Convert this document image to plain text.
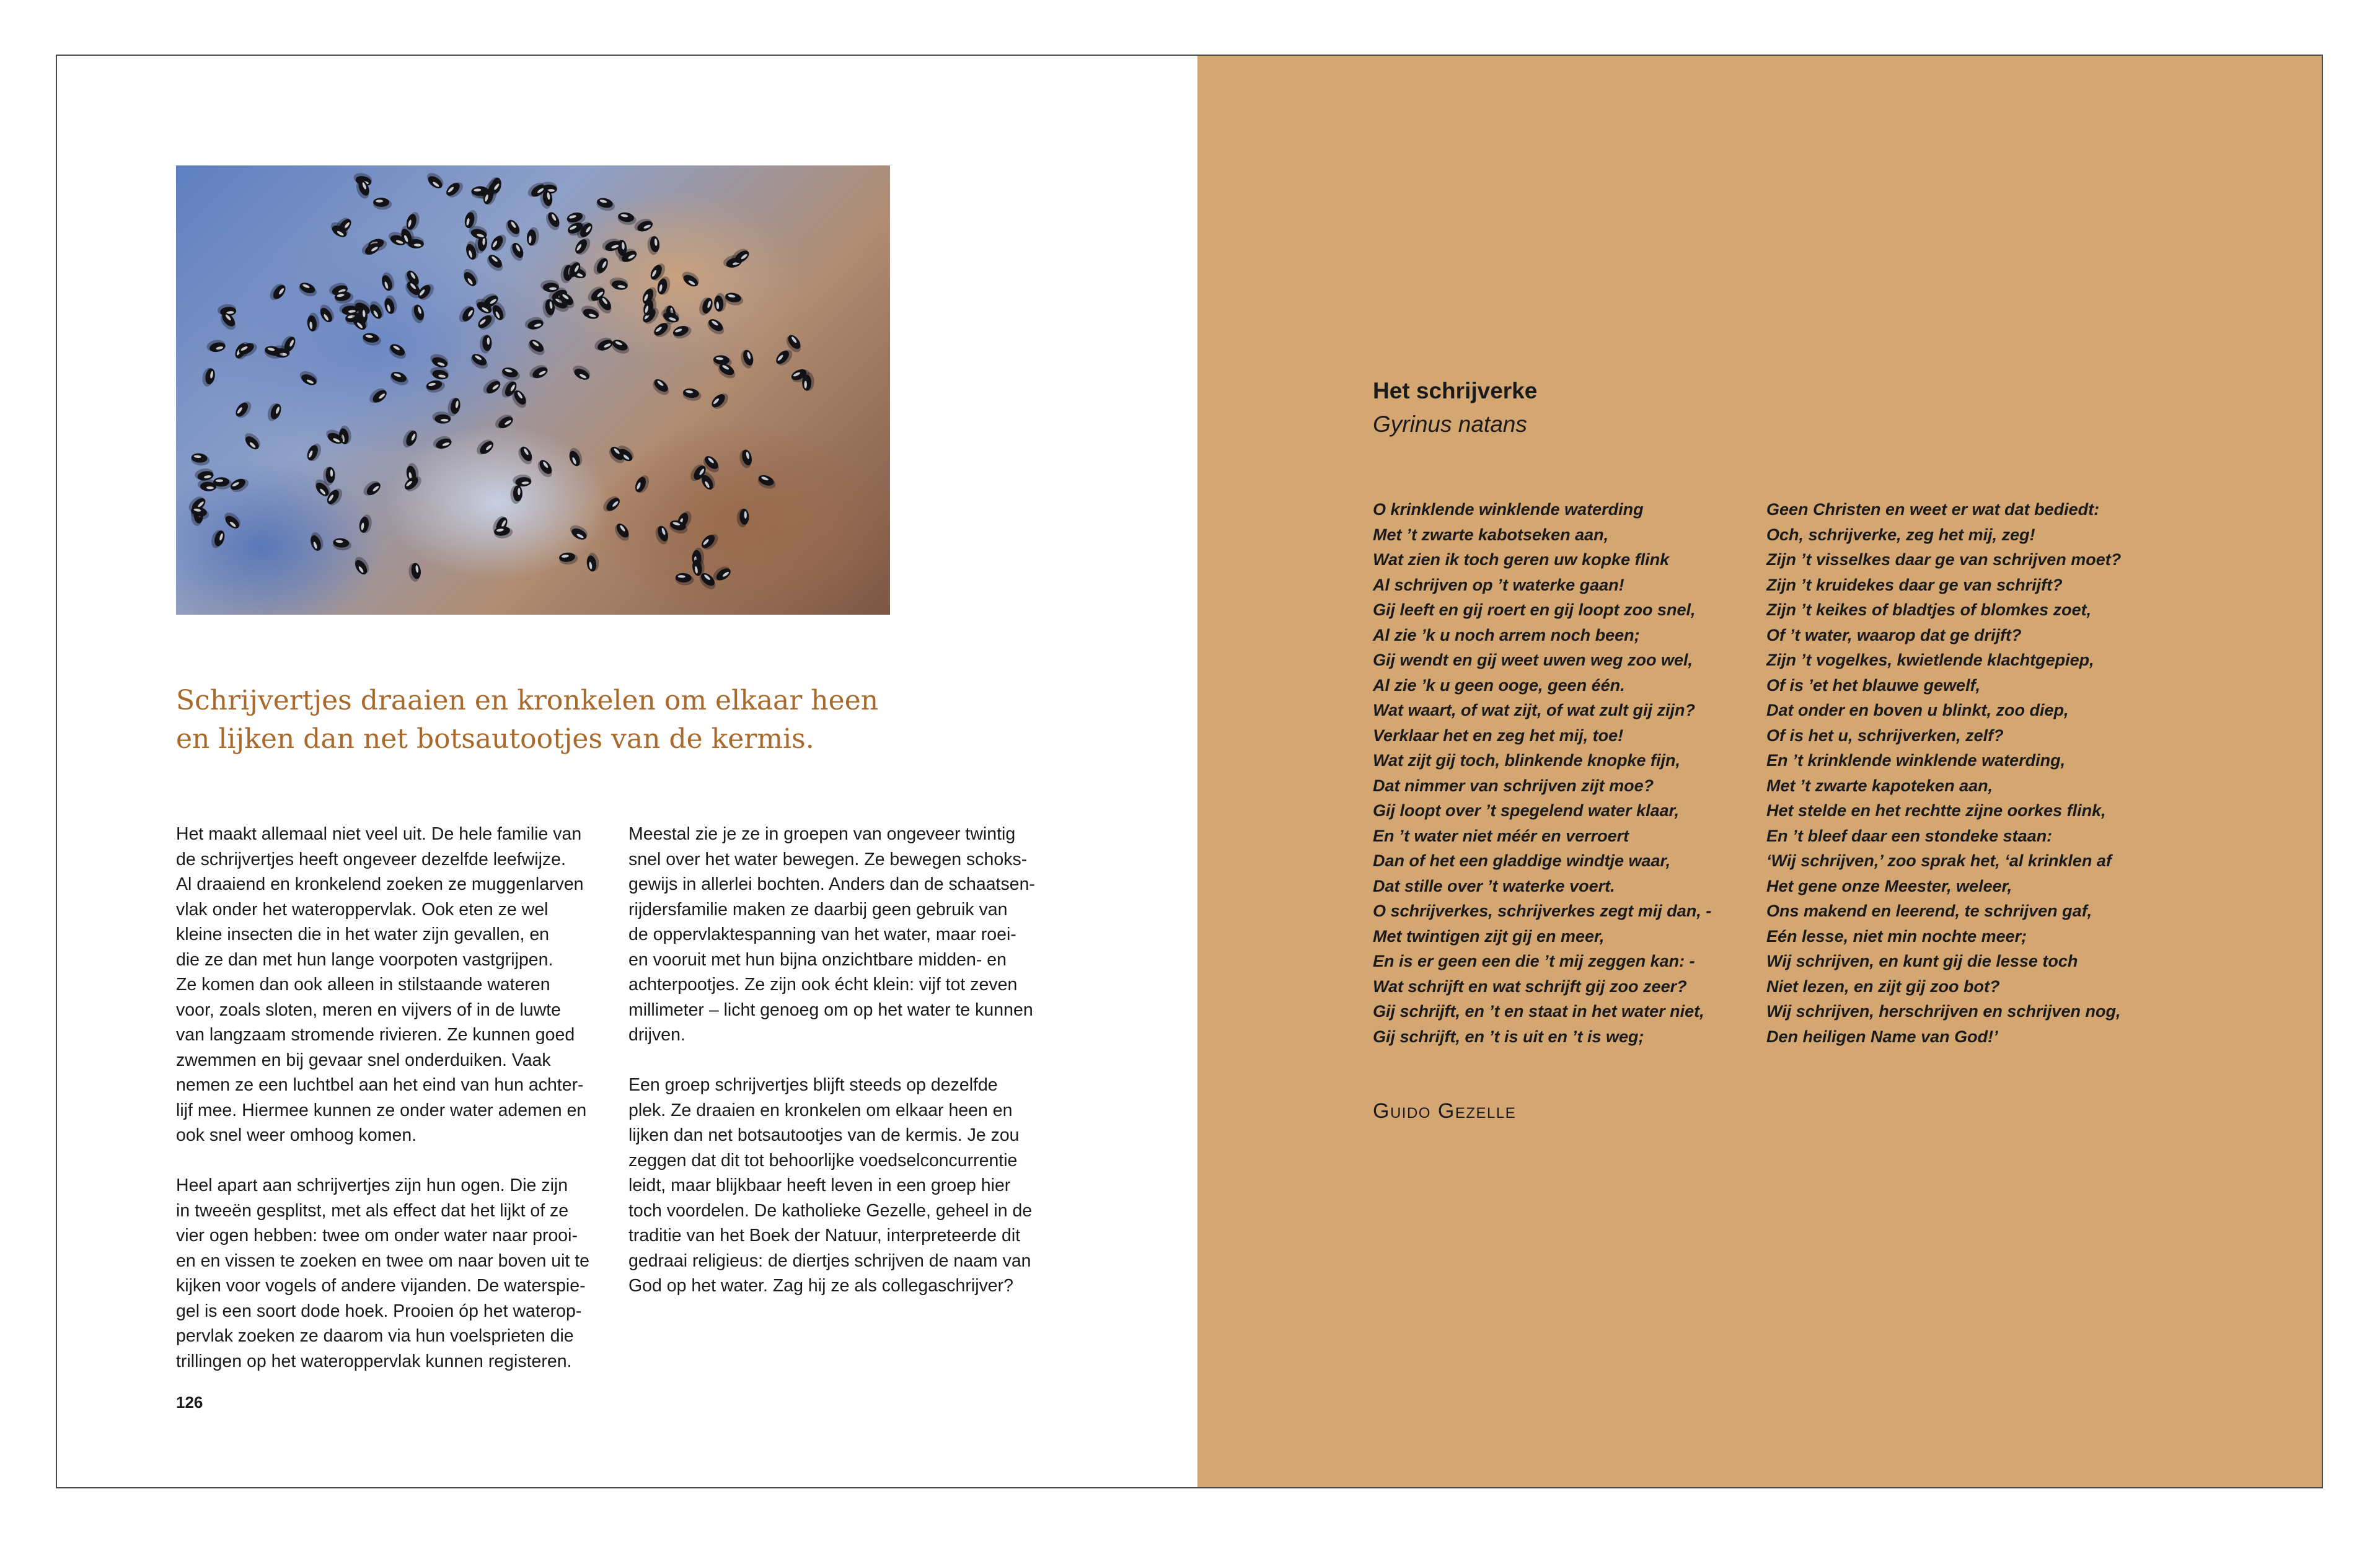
Schrijvertjes draaien en kronkelen om elkaar heen
en lijken dan net botsautootjes van de kermis.
Het maakt allemaal niet veel uit. De hele familie van
de schrijvertjes heeft ongeveer dezelfde leefwijze.
Al draaiend en kronkelend zoeken ze muggenlarven
vlak onder het wateroppervlak. Ook eten ze wel
kleine insecten die in het water zijn gevallen, en
die ze dan met hun lange voorpoten vastgrijpen.
Ze komen dan ook alleen in stilstaande wateren
voor, zoals sloten, meren en vijvers of in de luwte
van langzaam stromende rivieren. Ze kunnen goed
zwemmen en bij gevaar snel onderduiken. Vaak
nemen ze een luchtbel aan het eind van hun achter-
lijf mee. Hiermee kunnen ze onder water ademen en
ook snel weer omhoog komen.
Heel apart aan schrijvertjes zijn hun ogen. Die zijn
in tweeën gesplitst, met als effect dat het lijkt of ze
vier ogen hebben: twee om onder water naar prooi-
en en vissen te zoeken en twee om naar boven uit te
kijken voor vogels of andere vijanden. De waterspie-
gel is een soort dode hoek. Prooien óp het waterop-
pervlak zoeken ze daarom via hun voelsprieten die
trillingen op het wateroppervlak kunnen registeren.
Meestal zie je ze in groepen van ongeveer twintig
snel over het water bewegen. Ze bewegen schoks-
gewijs in allerlei bochten. Anders dan de schaatsen-
rijdersfamilie maken ze daarbij geen gebruik van
de oppervlaktespanning van het water, maar roei-
en vooruit met hun bijna onzichtbare midden- en
achterpootjes. Ze zijn ook écht klein: vijf tot zeven
millimeter – licht genoeg om op het water te kunnen
drijven.
Een groep schrijvertjes blijft steeds op dezelfde
plek. Ze draaien en kronkelen om elkaar heen en
lijken dan net botsautootjes van de kermis. Je zou
zeggen dat dit tot behoorlijke voedselconcurrentie
leidt, maar blijkbaar heeft leven in een groep hier
toch voordelen. De katholieke Gezelle, geheel in de
traditie van het Boek der Natuur, interpreteerde dit
gedraai religieus: de diertjes schrijven de naam van
God op het water. Zag hij ze als collegaschrijver?
126
Het schrijverke
Gyrinus natans
O krinklende winklende waterding
Met ’t zwarte kabotseken aan,
Wat zien ik toch geren uw kopke flink
Al schrijven op ’t waterke gaan!
Gij leeft en gij roert en gij loopt zoo snel,
Al zie ’k u noch arrem noch been;
Gij wendt en gij weet uwen weg zoo wel,
Al zie ’k u geen ooge, geen één.
Wat waart, of wat zijt, of wat zult gij zijn?
Verklaar het en zeg het mij, toe!
Wat zijt gij toch, blinkende knopke fijn,
Dat nimmer van schrijven zijt moe?
Gij loopt over ’t spegelend water klaar,
En ’t water niet méér en verroert
Dan of het een gladdige windtje waar,
Dat stille over ’t waterke voert.
O schrijverkes, schrijverkes zegt mij dan, -
Met twintigen zijt gij en meer,
En is er geen een die ’t mij zeggen kan: -
Wat schrijft en wat schrijft gij zoo zeer?
Gij schrijft, en ’t en staat in het water niet,
Gij schrijft, en ’t is uit en ’t is weg;
Geen Christen en weet er wat dat bediedt:
Och, schrijverke, zeg het mij, zeg!
Zijn ’t visselkes daar ge van schrijven moet?
Zijn ’t kruidekes daar ge van schrijft?
Zijn ’t keikes of bladtjes of blomkes zoet,
Of ’t water, waarop dat ge drijft?
Zijn ’t vogelkes, kwietlende klachtgepiep,
Of is ’et het blauwe gewelf,
Dat onder en boven u blinkt, zoo diep,
Of is het u, schrijverken, zelf?
En ’t krinklende winklende waterding,
Met ’t zwarte kapoteken aan,
Het stelde en het rechtte zijne oorkes flink,
En ’t bleef daar een stondeke staan:
‘Wij schrijven,’ zoo sprak het, ‘al krinklen af
Het gene onze Meester, weleer,
Ons makend en leerend, te schrijven gaf,
Eén lesse, niet min nochte meer;
Wij schrijven, en kunt gij die lesse toch
Niet lezen, en zijt gij zoo bot?
Wij schrijven, herschrijven en schrijven nog,
Den heiligen Name van God!’
Guido Gezelle
